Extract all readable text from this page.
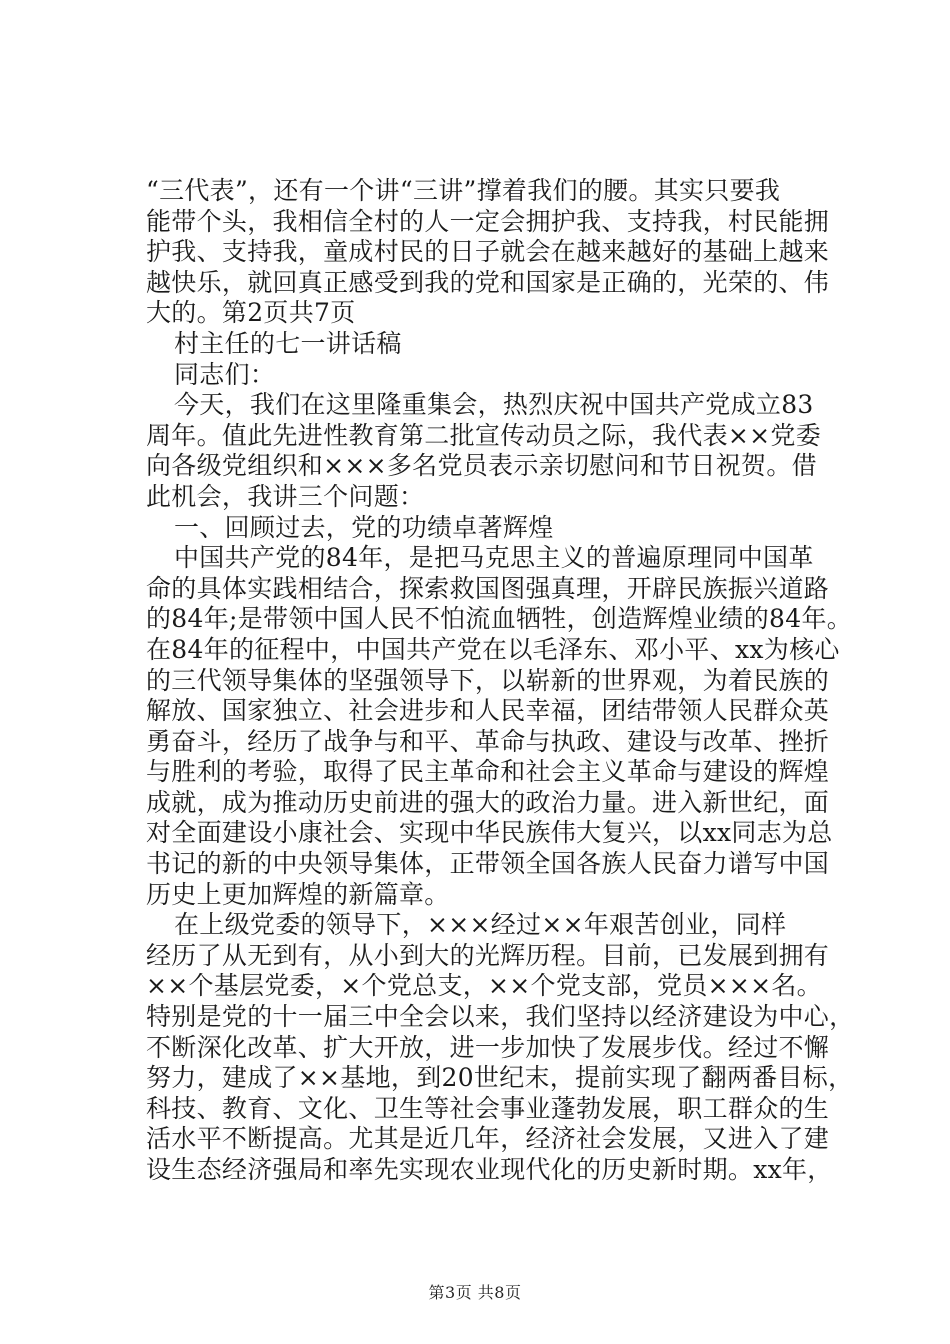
“三代表”，还有一个讲“三讲”撑着我们的腰。其实只要我
能带个头，我相信全村的人一定会拥护我、支持我，村民能拥
护我、支持我，童成村民的日子就会在越来越好的基础上越来
越快乐，就回真正感受到我的党和国家是正确的，光荣的、伟
大的。第2页共7页
村主任的七一讲话稿
同志们：
今天，我们在这里隆重集会，热烈庆祝中国共产党成立83
周年。值此先进性教育第二批宣传动员之际，我代表××党委
向各级党组织和×××多名党员表示亲切慰问和节日祝贺。借
此机会，我讲三个问题：
一、回顾过去，党的功绩卓著辉煌
中国共产党的84年，是把马克思主义的普遍原理同中国革
命的具体实践相结合，探索救国图强真理，开辟民族振兴道路
的84年;是带领中国人民不怕流血牺牲，创造辉煌业绩的84年。
在84年的征程中，中国共产党在以毛泽东、邓小平、xx为核心
的三代领导集体的坚强领导下，以崭新的世界观，为着民族的
解放、国家独立、社会进步和人民幸福，团结带领人民群众英
勇奋斗，经历了战争与和平、革命与执政、建设与改革、挫折
与胜利的考验，取得了民主革命和社会主义革命与建设的辉煌
成就，成为推动历史前进的强大的政治力量。进入新世纪，面
对全面建设小康社会、实现中华民族伟大复兴，以xx同志为总
书记的新的中央领导集体，正带领全国各族人民奋力谱写中国
历史上更加辉煌的新篇章。
在上级党委的领导下，×××经过××年艰苦创业，同样
经历了从无到有，从小到大的光辉历程。目前，已发展到拥有
××个基层党委，×个党总支，××个党支部，党员×××名。
特别是党的十一届三中全会以来，我们坚持以经济建设为中心，
不断深化改革、扩大开放，进一步加快了发展步伐。经过不懈
努力，建成了××基地，到20世纪末，提前实现了翻两番目标，
科技、教育、文化、卫生等社会事业蓬勃发展，职工群众的生
活水平不断提高。尤其是近几年，经济社会发展，又进入了建
设生态经济强局和率先实现农业现代化的历史新时期。xx年，
第3页 共8页
